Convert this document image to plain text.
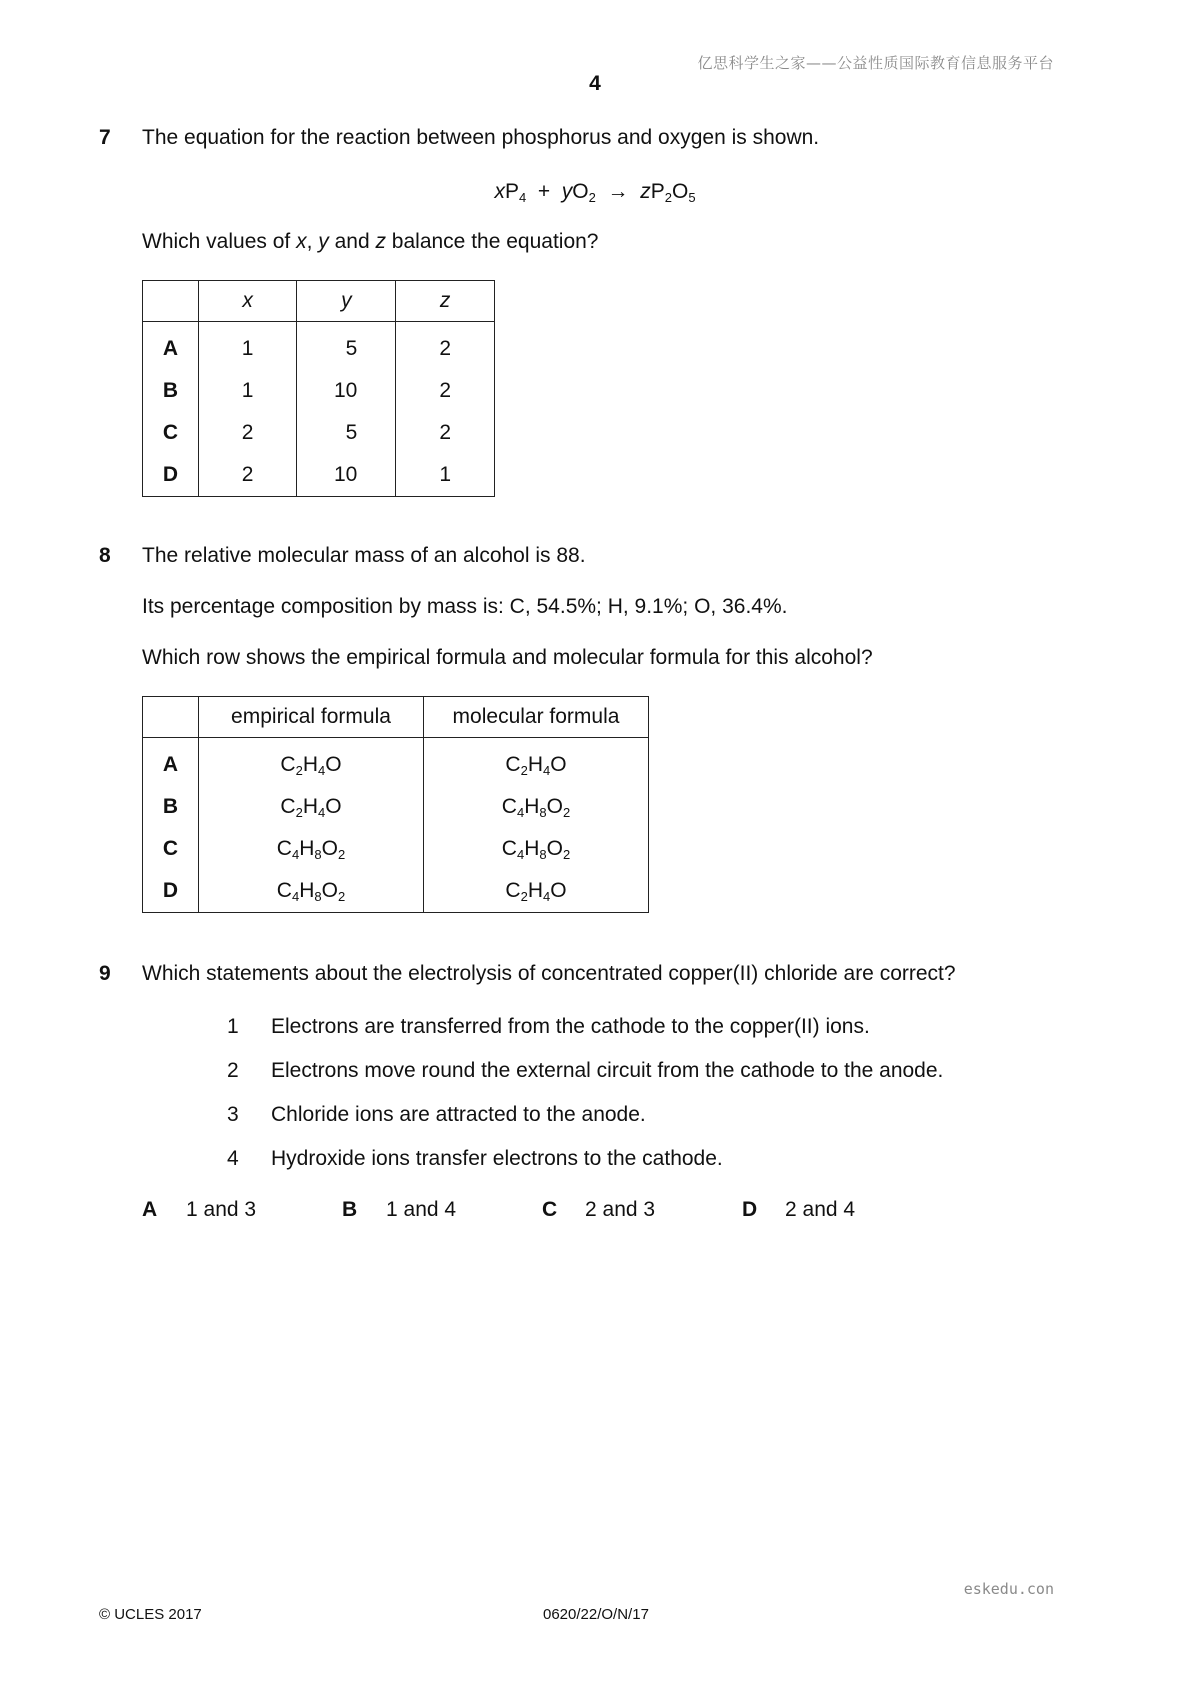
亿思科学生之家——公益性质国际教育信息服务平台
4
7 The equation for the reaction between phosphorus and oxygen is shown.
$xP_4 + yO_2 \to zP_2O_5$
Which values of x, y and z balance the equation?
	x	y	z
A	1	5	2
B	1	10	2
C	2	5	2
D	2	10	1
8 The relative molecular mass of an alcohol is 88.
Its percentage composition by mass is: C, 54.5%; H, 9.1%; O, 36.4%.
Which row shows the empirical formula and molecular formula for this alcohol?
	empirical formula	molecular formula
A	$C_2H_4O$	$C_2H_4O$
B	$C_2H_4O$	$C_4H_8O_2$
C	$C_4H_8O_2$	$C_4H_8O_2$
D	$C_4H_8O_2$	$C_2H_4O$
9 Which statements about the electrolysis of concentrated copper(II) chloride are correct?
1 Electrons are transferred from the cathode to the copper(II) ions.
2 Electrons move round the external circuit from the cathode to the anode.
3 Chloride ions are attracted to the anode.
4 Hydroxide ions transfer electrons to the cathode.
A 1 and 3	B 1 and 4	C 2 and 3	D 2 and 4
eskedu.con
© UCLES 2017	0620/22/O/N/17
